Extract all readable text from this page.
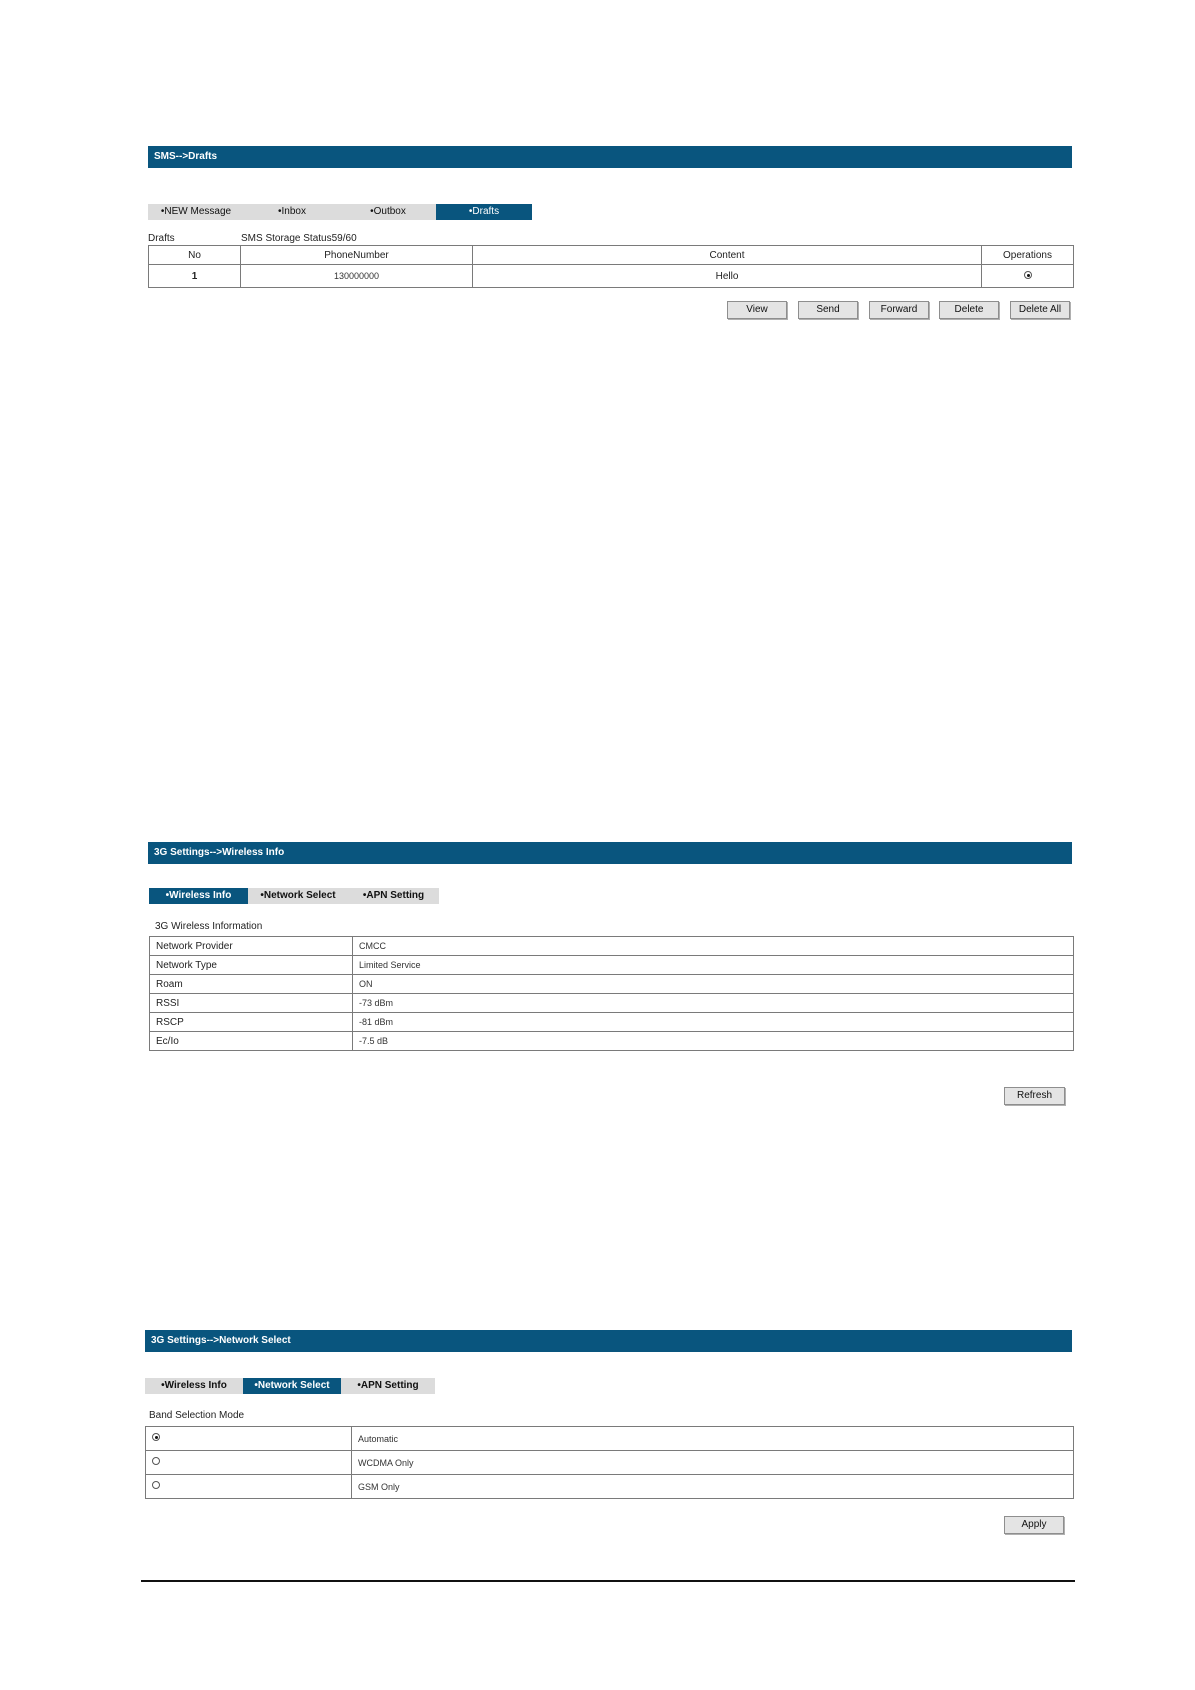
SMS-->Drafts
•NEW Message	•Inbox	•Outbox	•Drafts
Drafts	SMS Storage Status59/60
No	PhoneNumber	Content	Operations
1	130000000	Hello	
View	Send	Forward	Delete	Delete All
3G Settings-->Wireless Info
•Wireless Info	•Network Select	•APN Setting
3G Wireless Information
Network Provider	CMCC
Network Type	Limited Service
Roam	ON
RSSI	-73 dBm
RSCP	-81 dBm
Ec/Io	-7.5 dB
Refresh
3G Settings-->Network Select
•Wireless Info	•Network Select	•APN Setting
Band Selection Mode
	Automatic
	WCDMA Only
	GSM Only
Apply
